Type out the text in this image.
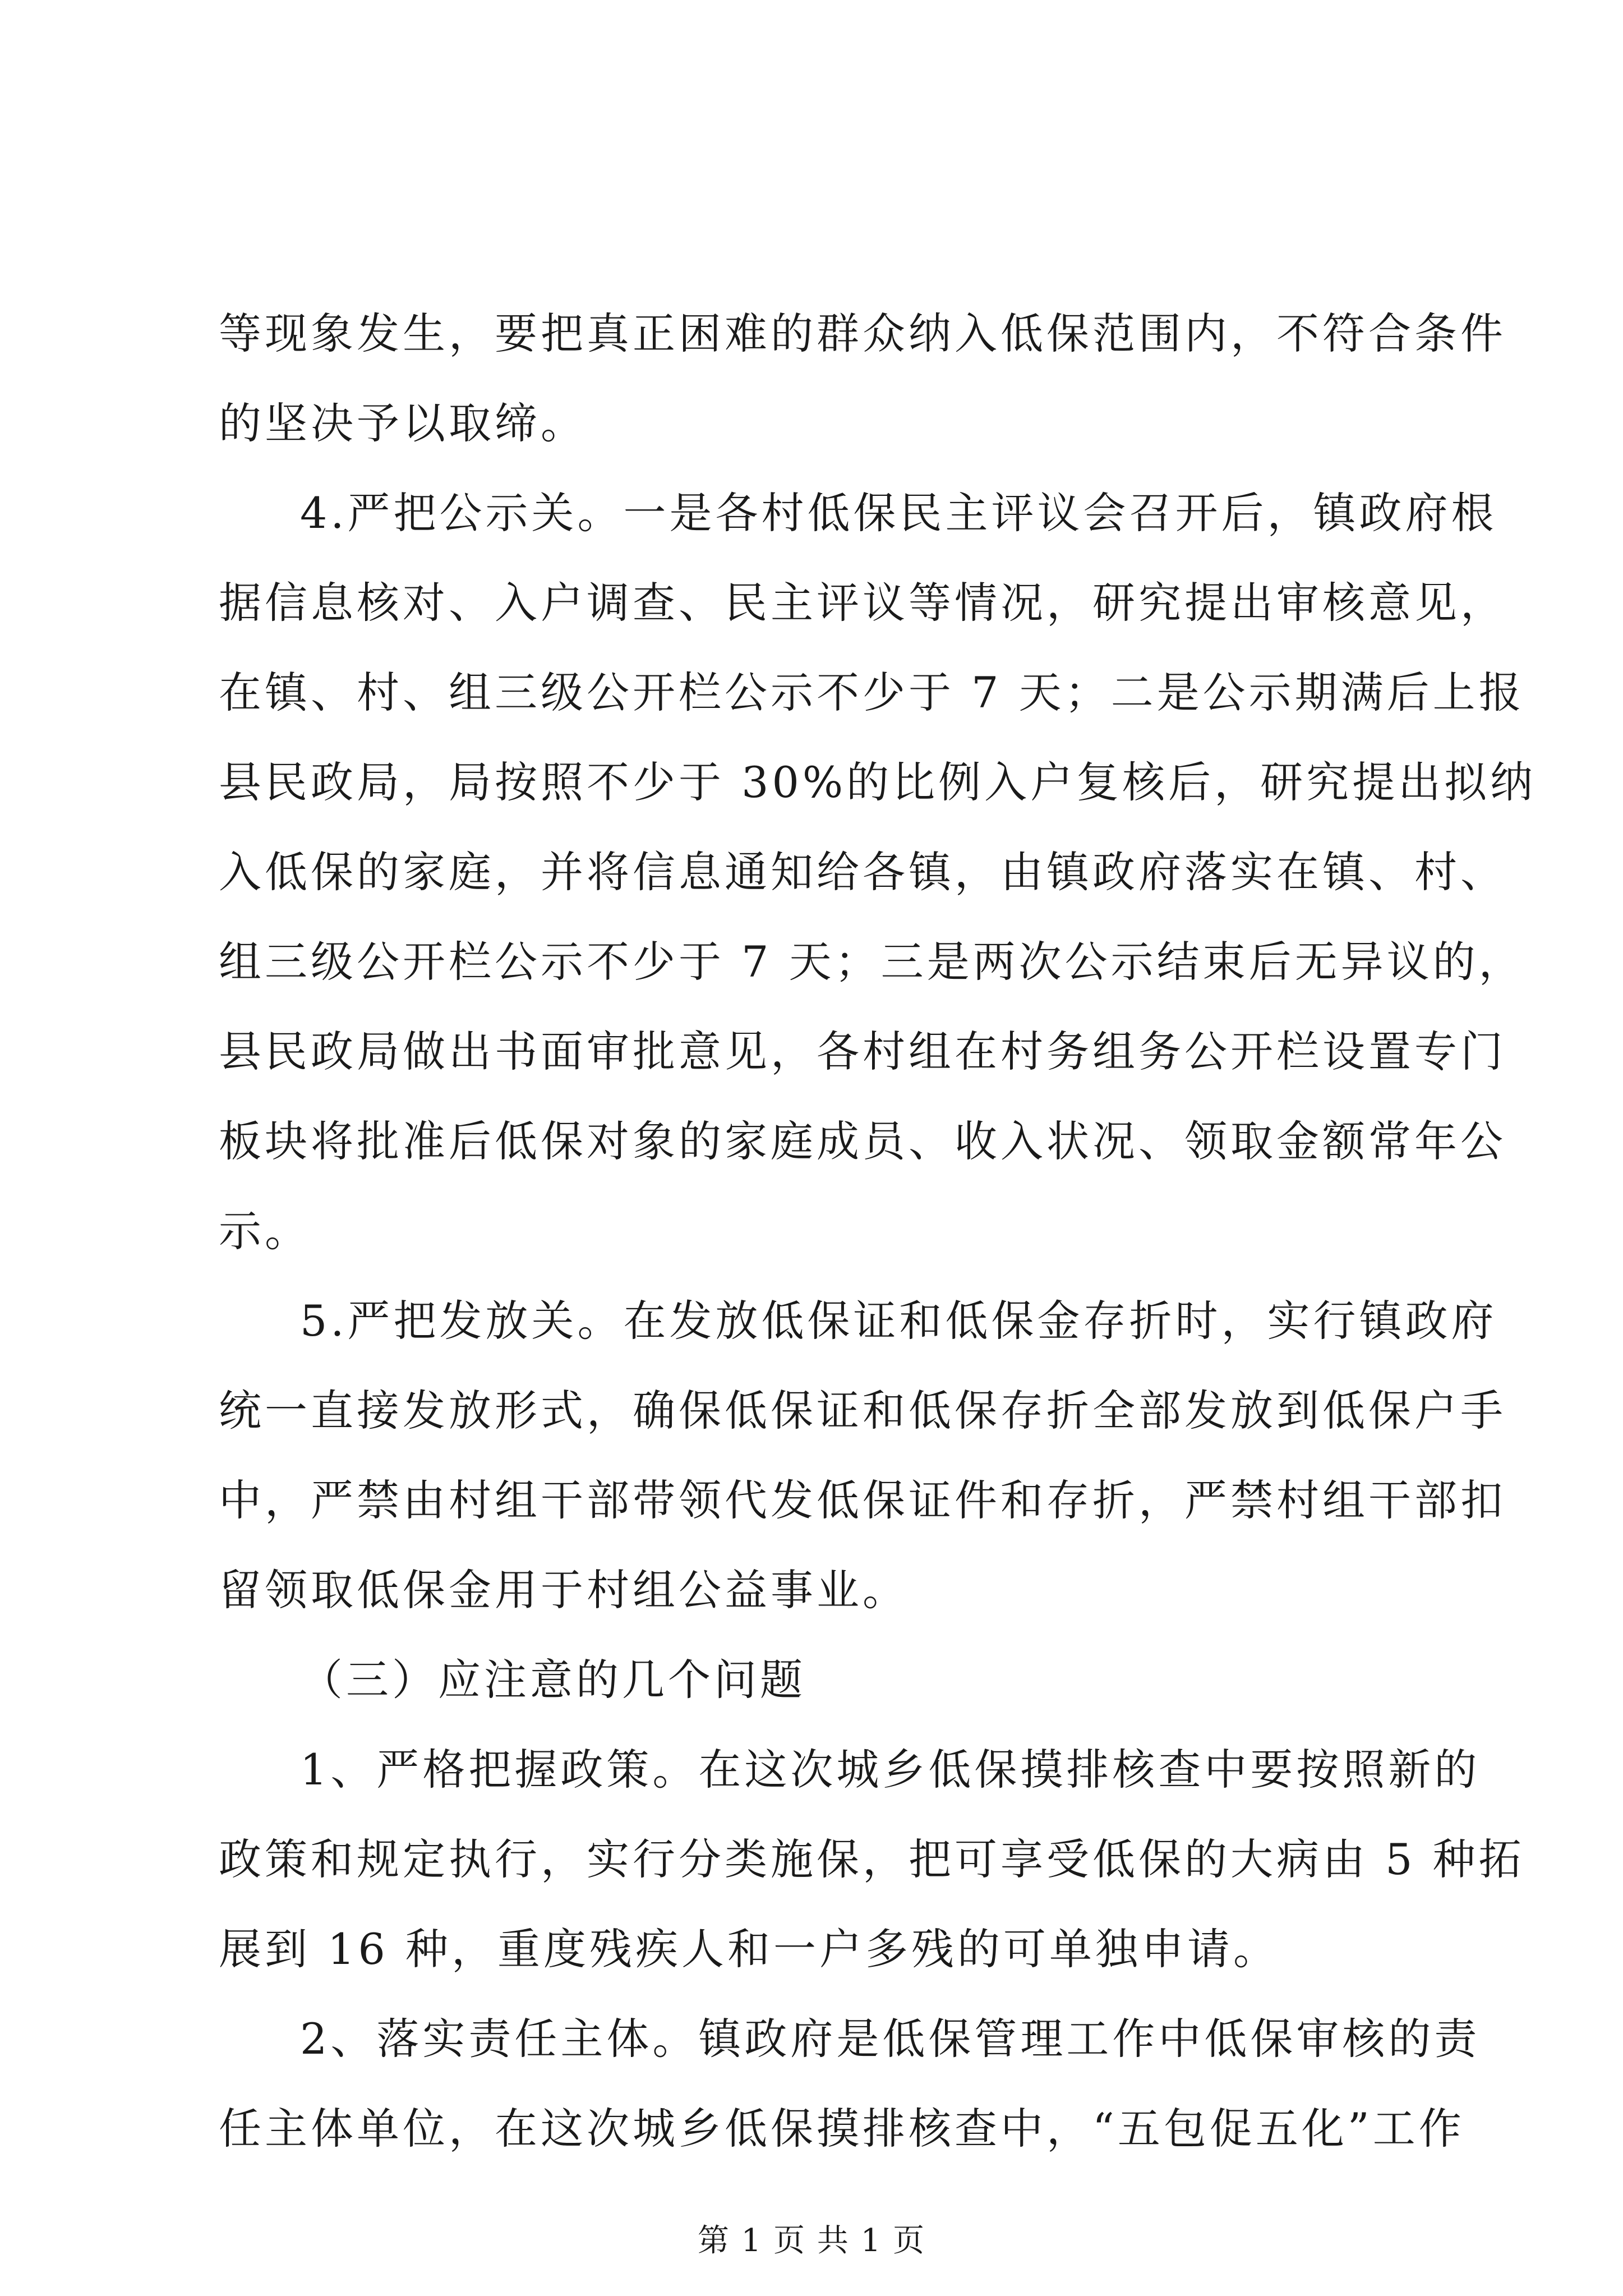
等现象发生，要把真正困难的群众纳入低保范围内，不符合条件
的坚决予以取缔。
4.严把公示关。一是各村低保民主评议会召开后，镇政府根
据信息核对、入户调查、民主评议等情况，研究提出审核意见，
在镇、村、组三级公开栏公示不少于 7 天；二是公示期满后上报
县民政局，局按照不少于 30%的比例入户复核后，研究提出拟纳
入低保的家庭，并将信息通知给各镇，由镇政府落实在镇、村、
组三级公开栏公示不少于 7 天；三是两次公示结束后无异议的，
县民政局做出书面审批意见，各村组在村务组务公开栏设置专门
板块将批准后低保对象的家庭成员、收入状况、领取金额常年公
示。
5.严把发放关。在发放低保证和低保金存折时，实行镇政府
统一直接发放形式，确保低保证和低保存折全部发放到低保户手
中，严禁由村组干部带领代发低保证件和存折，严禁村组干部扣
留领取低保金用于村组公益事业。
（三）应注意的几个问题
1、严格把握政策。在这次城乡低保摸排核查中要按照新的
政策和规定执行，实行分类施保，把可享受低保的大病由 5 种拓
展到 16 种，重度残疾人和一户多残的可单独申请。
2、落实责任主体。镇政府是低保管理工作中低保审核的责
任主体单位，在这次城乡低保摸排核查中，“五包促五化”工作
第 1 页 共 1 页
